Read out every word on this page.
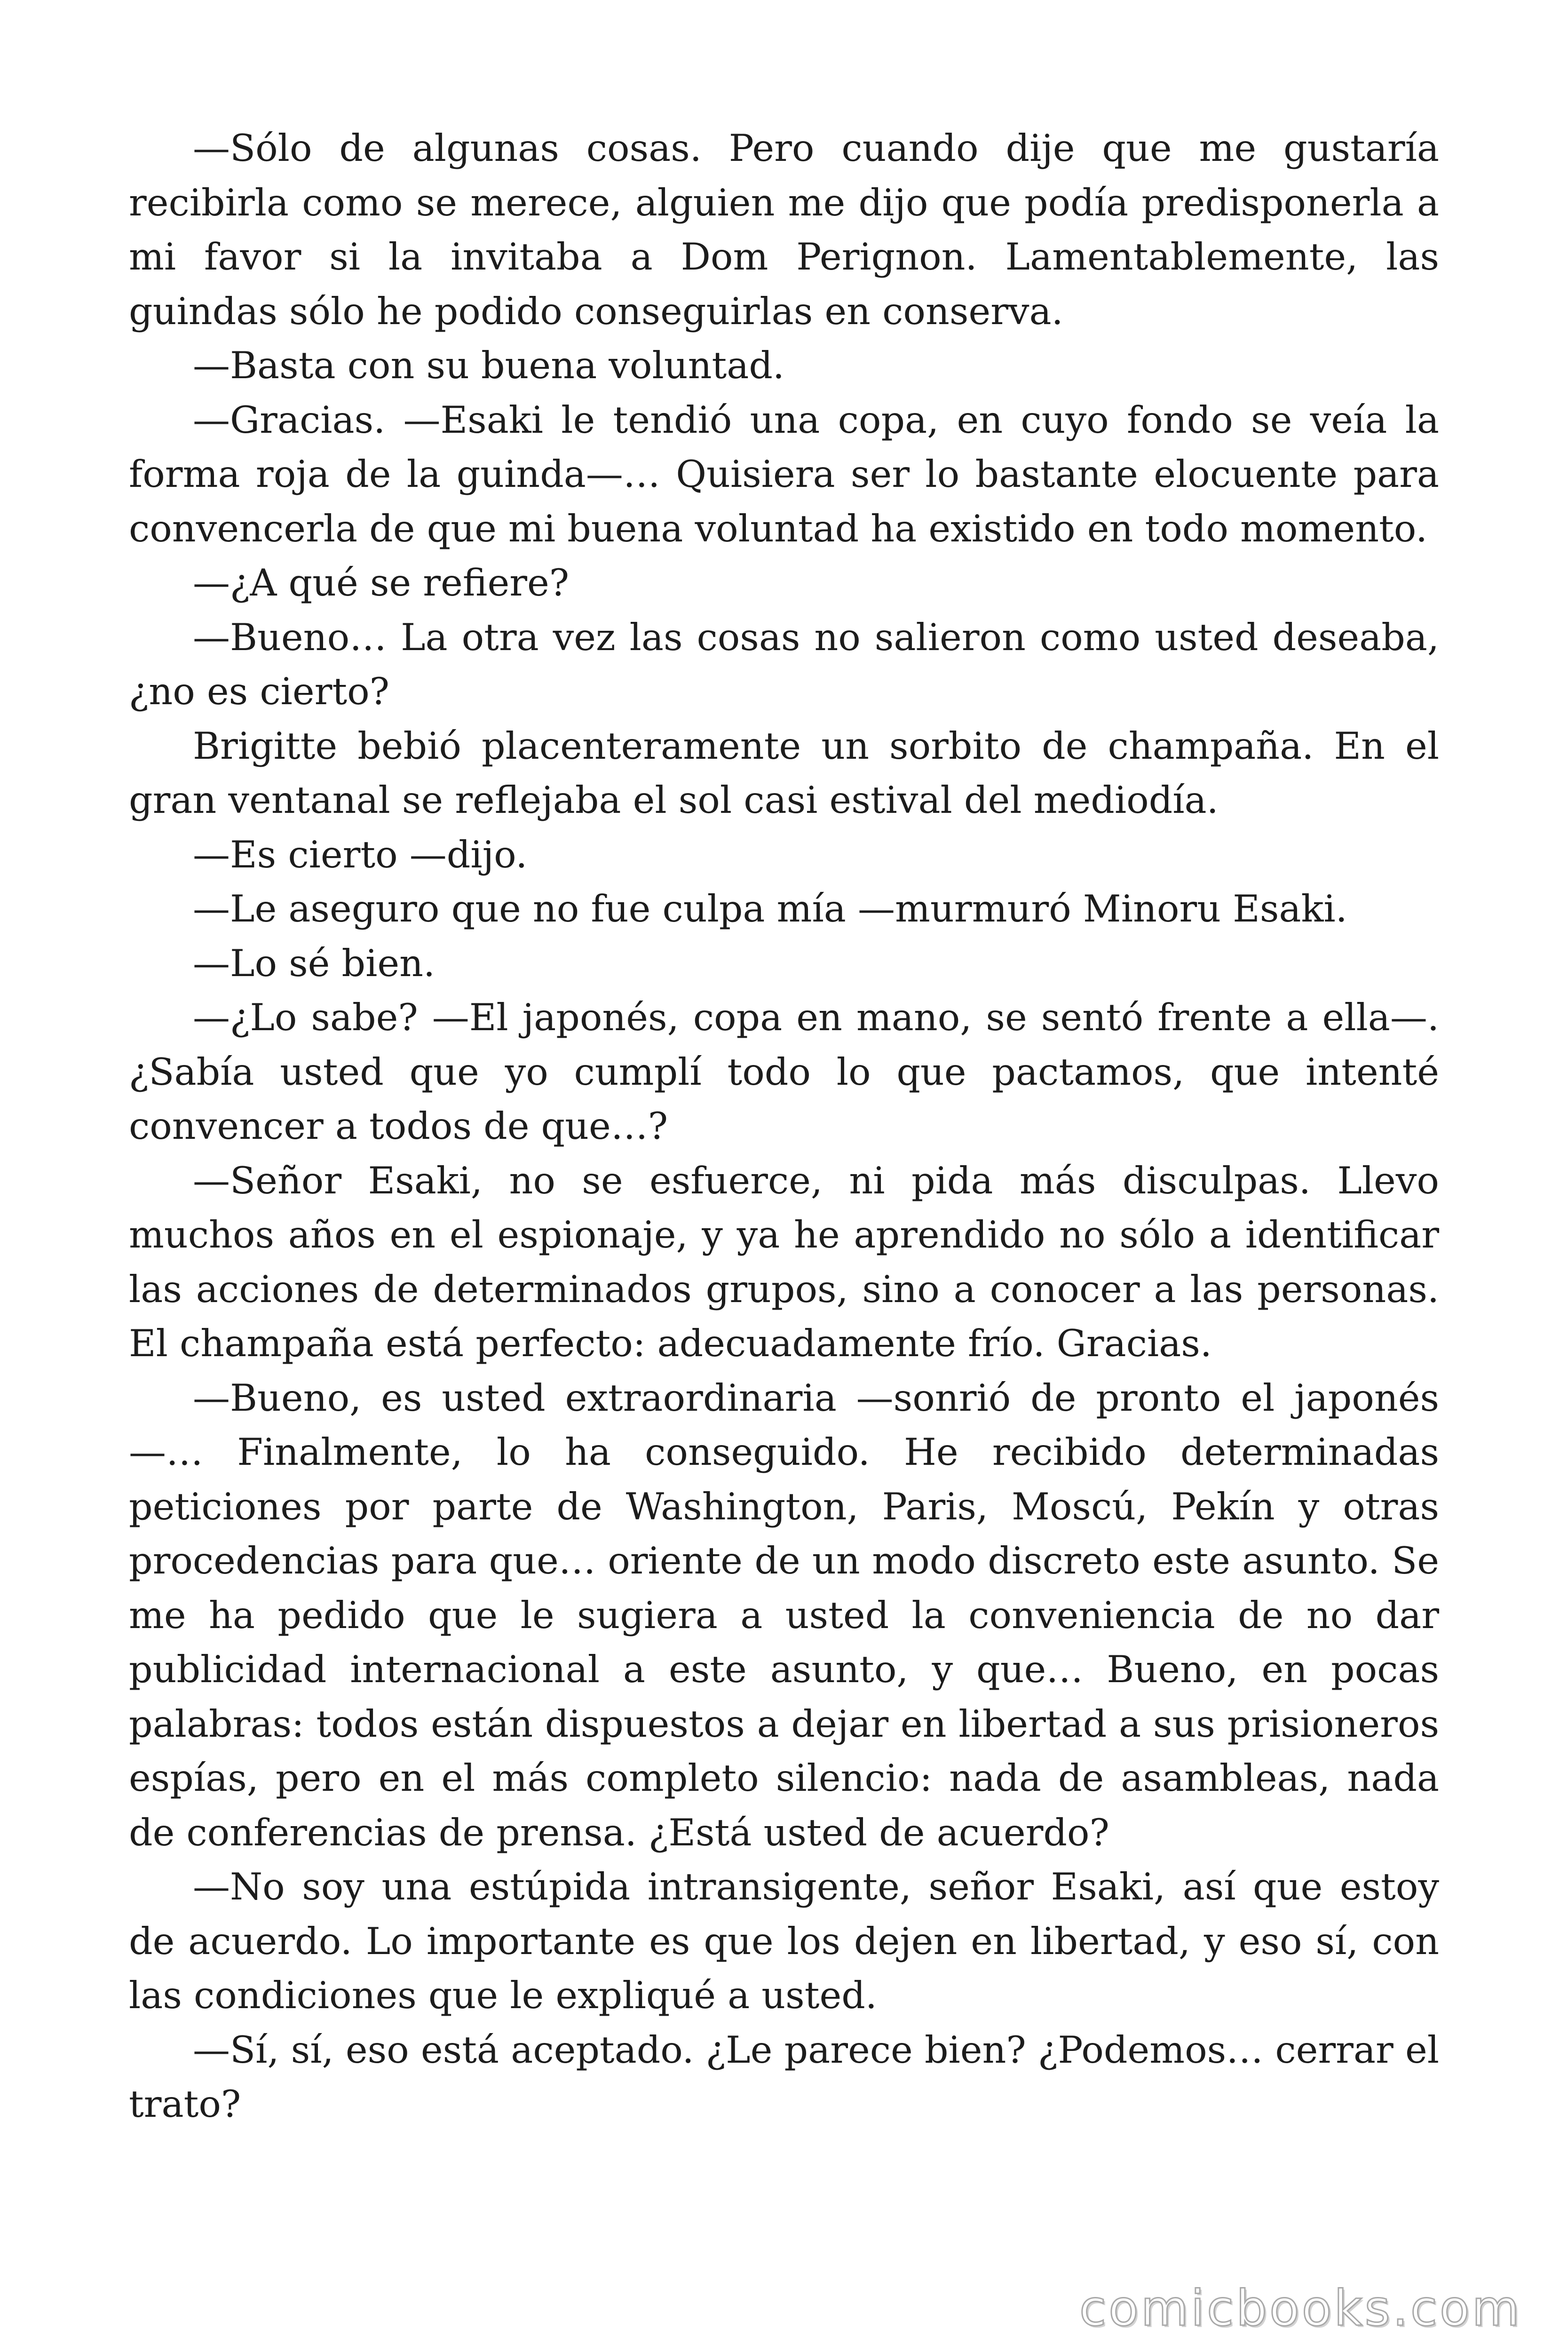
—Sólo de algunas cosas. Pero cuando dije que me gustaría recibirla como se merece, alguien me dijo que podía predisponerla a mi favor si la invitaba a Dom Perignon. Lamentablemente, las guindas sólo he podido conseguirlas en conserva.

—Basta con su buena voluntad.

—Gracias. —Esaki le tendió una copa, en cuyo fondo se veía la forma roja de la guinda—… Quisiera ser lo bastante elocuente para convencerla de que mi buena voluntad ha existido en todo momento.

—¿A qué se refiere?

—Bueno… La otra vez las cosas no salieron como usted deseaba, ¿no es cierto?

Brigitte bebió placenteramente un sorbito de champaña. En el gran ventanal se reflejaba el sol casi estival del mediodía.

—Es cierto —dijo.

—Le aseguro que no fue culpa mía —murmuró Minoru Esaki.

—Lo sé bien.

—¿Lo sabe? —El japonés, copa en mano, se sentó frente a ella—. ¿Sabía usted que yo cumplí todo lo que pactamos, que intenté convencer a todos de que…?

—Señor Esaki, no se esfuerce, ni pida más disculpas. Llevo muchos años en el espionaje, y ya he aprendido no sólo a identificar las acciones de determinados grupos, sino a conocer a las personas. El champaña está perfecto: adecuadamente frío. Gracias.

—Bueno, es usted extraordinaria —sonrió de pronto el japonés—… Finalmente, lo ha conseguido. He recibido determinadas peticiones por parte de Washington, Paris, Moscú, Pekín y otras procedencias para que… oriente de un modo discreto este asunto. Se me ha pedido que le sugiera a usted la conveniencia de no dar publicidad internacional a este asunto, y que… Bueno, en pocas palabras: todos están dispuestos a dejar en libertad a sus prisioneros espías, pero en el más completo silencio: nada de asambleas, nada de conferencias de prensa. ¿Está usted de acuerdo?

—No soy una estúpida intransigente, señor Esaki, así que estoy de acuerdo. Lo importante es que los dejen en libertad, y eso sí, con las condiciones que le expliqué a usted.

—Sí, sí, eso está aceptado. ¿Le parece bien? ¿Podemos… cerrar el trato?

comicbooks.com
